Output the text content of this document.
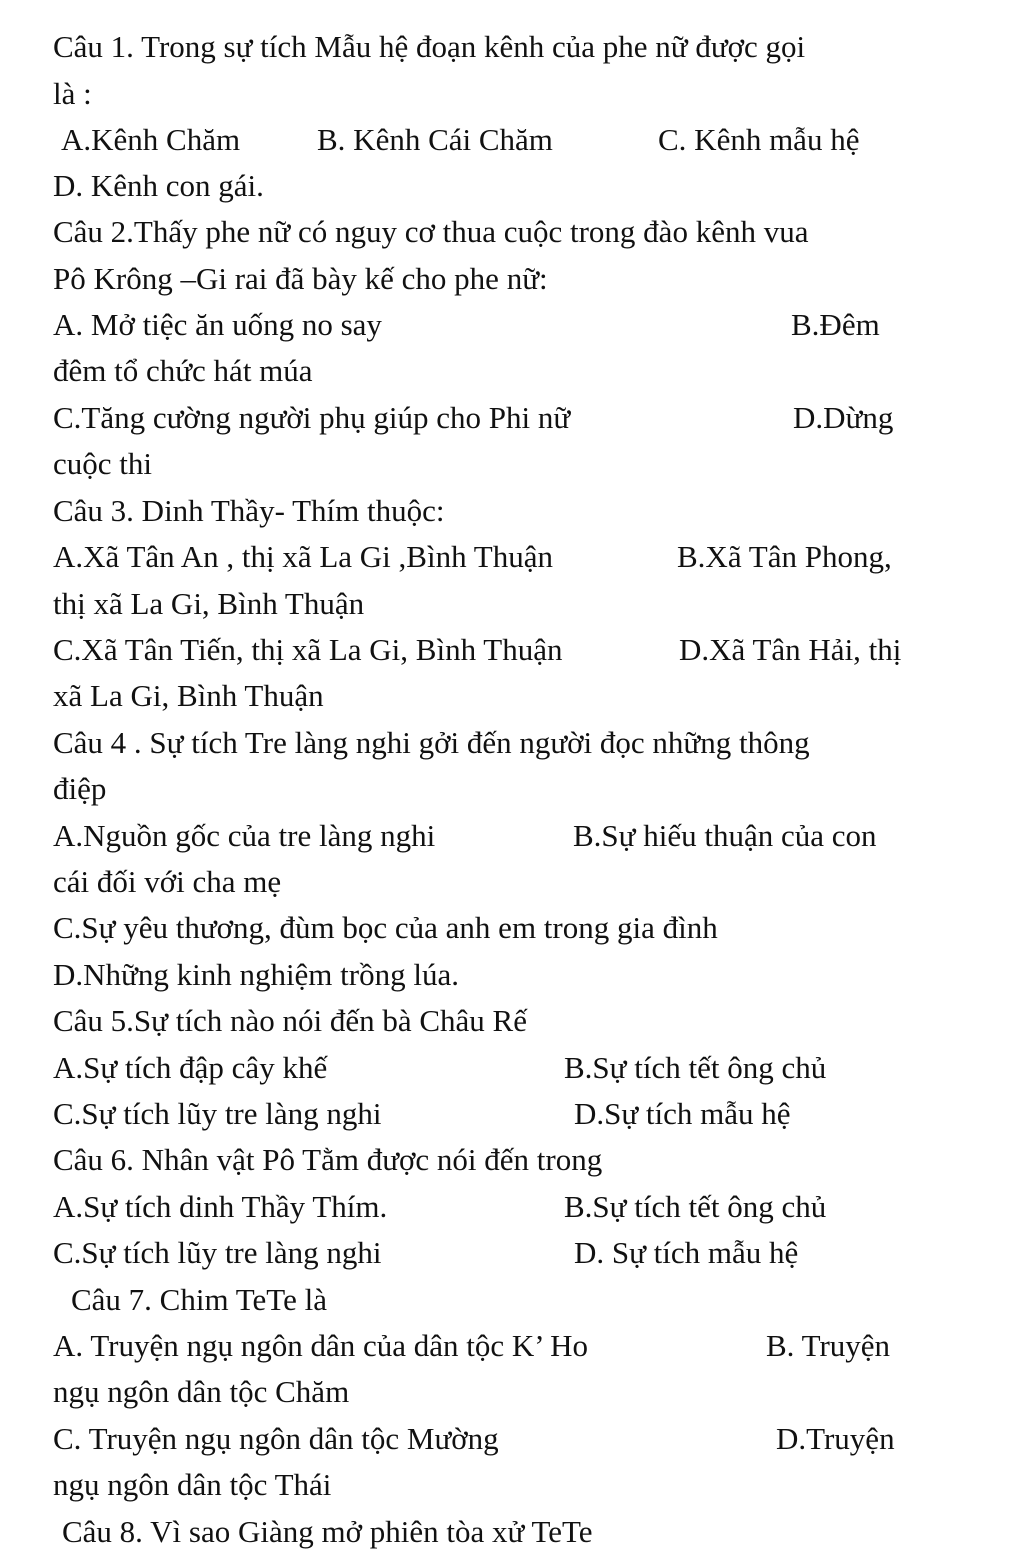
Câu 1. Trong sự tích Mẫu hệ đoạn kênh của phe nữ được gọi
là :
A.Kênh Chăm B. Kênh Cái Chăm	C. Kênh mẫu hệ
D. Kênh con gái.
Câu 2.Thấy phe nữ có nguy cơ thua cuộc trong đào kênh vua
Pô Krông –Gi rai đã bày kế cho phe nữ:
A. Mở tiệc ăn uống no say	B.Đêm
đêm tổ chức hát múa
C.Tăng cường người phụ giúp cho Phi nữ	D.Dừng
cuộc thi
Câu 3. Dinh Thầy- Thím thuộc:
A.Xã Tân An , thị xã La Gi ,Bình Thuận	B.Xã Tân Phong,
thị xã La Gi, Bình Thuận
C.Xã Tân Tiến, thị xã La Gi, Bình Thuận	D.Xã Tân Hải, thị
xã La Gi, Bình Thuận
Câu 4 . Sự tích Tre làng nghi gởi đến người đọc những thông
điệp
A.Nguồn gốc của tre làng nghi	B.Sự hiếu thuận của con
cái đối với cha mẹ
C.Sự yêu thương, đùm bọc của anh em trong gia đình
D.Những kinh nghiệm trồng lúa.
Câu 5.Sự tích nào nói đến bà Châu Rế
A.Sự tích đập cây khế	B.Sự tích tết ông chủ
C.Sự tích lũy tre làng nghi	D.Sự tích mẫu hệ
Câu 6. Nhân vật Pô Tằm được nói đến trong
A.Sự tích dinh Thầy Thím.	B.Sự tích tết ông chủ
C.Sự tích lũy tre làng nghi	D. Sự tích mẫu hệ
Câu 7. Chim TeTe là
A. Truyện ngụ ngôn dân của dân tộc K’ Ho	B. Truyện
ngụ ngôn dân tộc Chăm
C. Truyện ngụ ngôn dân tộc Mường	D.Truyện
ngụ ngôn dân tộc Thái
Câu 8. Vì sao Giàng mở phiên tòa xử TeTe
